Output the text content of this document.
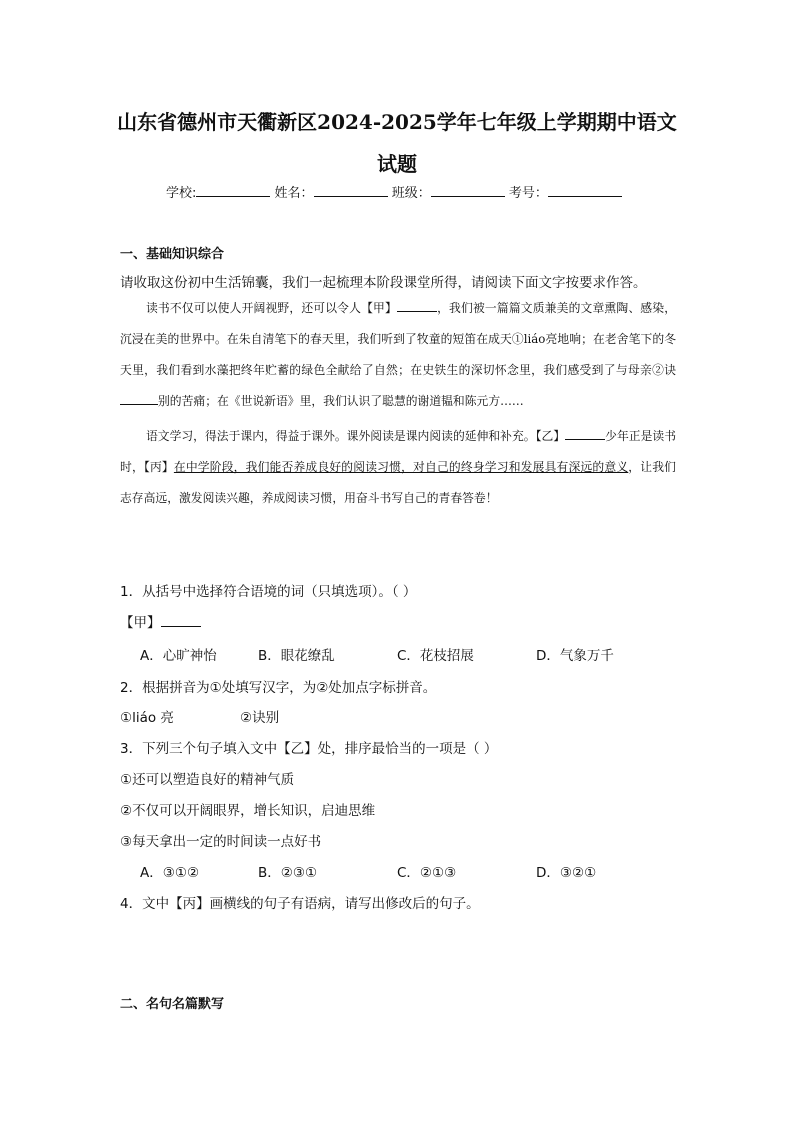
山东省德州市天衢新区2024-2025学年七年级上学期期中语文
试题
学校:	姓名：	班级：	考号：
一、基础知识综合
请收取这份初中生活锦囊，我们一起梳理本阶段课堂所得，请阅读下面文字按要求作答。

读书不仅可以使人开阔视野，还可以令人【甲】	，我们被一篇篇文质兼美的文章熏陶、感染，沉浸在美的世界中。在朱自清笔下的春天里，我们听到了牧童的短笛在成天①liáo亮地响；在老舍笔下的冬天里，我们看到水藻把终年贮蓄的绿色全献给了自然；在史铁生的深切怀念里，我们感受到了与母亲②诀别的苦痛；在《世说新语》里，我们认识了聪慧的谢道韫和陈元方……

语文学习，得法于课内，得益于课外。课外阅读是课内阅读的延伸和补充。【乙】	少年正是读书时，【丙】在中学阶段，我们能否养成良好的阅读习惯，对自己的终身学习和发展具有深远的意义，让我们志存高远，激发阅读兴趣，养成阅读习惯，用奋斗书写自己的青春答卷！

1．从括号中选择符合语境的词（只填选项）。（ ）
【甲】
A．心旷神怡	B．眼花缭乱	C．花枝招展	D．气象万千
2．根据拼音为①处填写汉字，为②处加点字标拼音。
①liáo 亮	②诀别
3．下列三个句子填入文中【乙】处，排序最恰当的一项是（ ）
①还可以塑造良好的精神气质
②不仅可以开阔眼界，增长知识，启迪思维
③每天拿出一定的时间读一点好书
A．③①②	B．②③①	C．②①③	D．③②①
4．文中【丙】画横线的句子有语病，请写出修改后的句子。
二、名句名篇默写
